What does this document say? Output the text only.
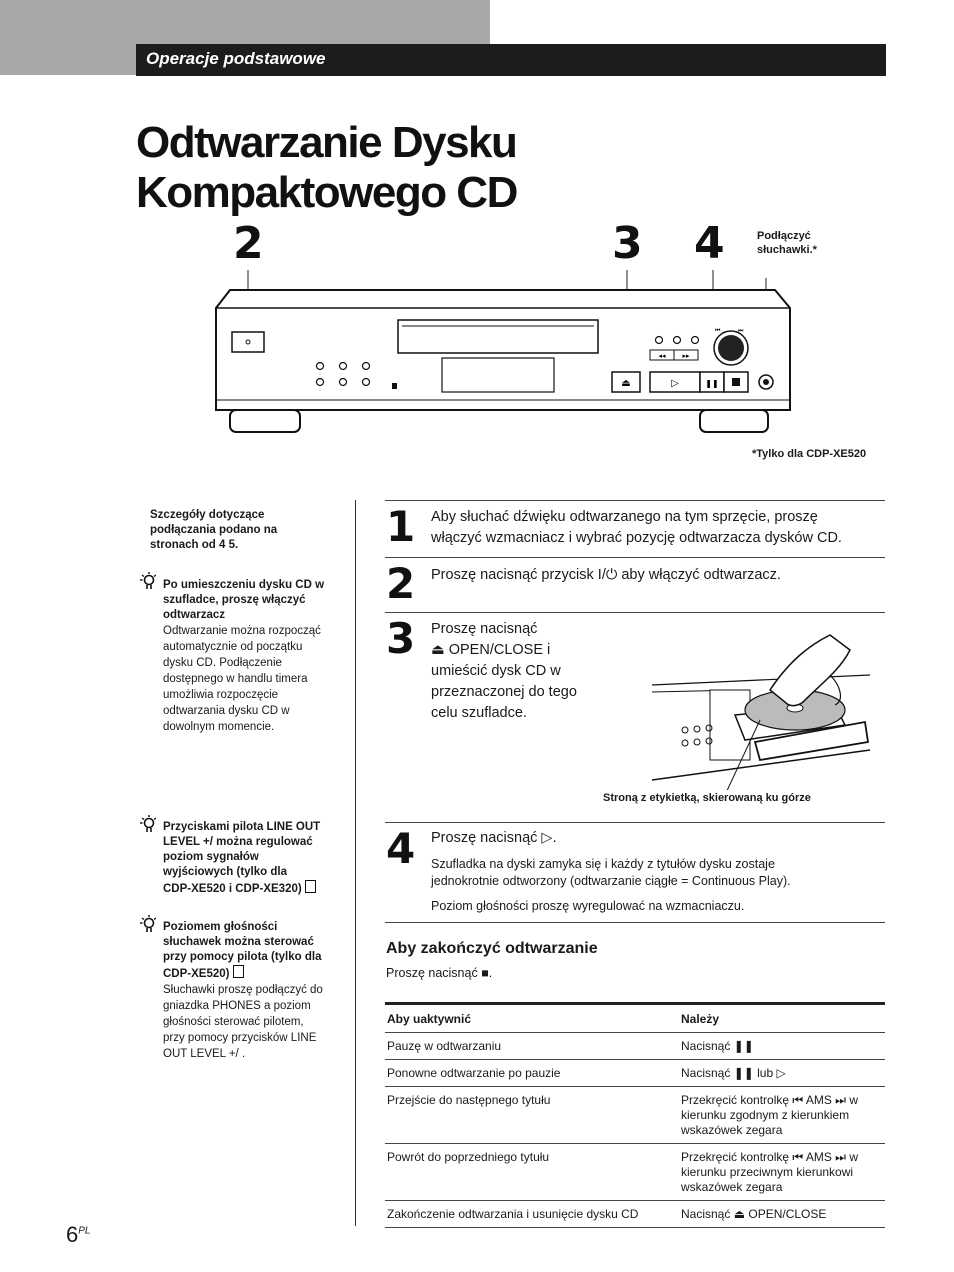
Operacje podstawowe
Odtwarzanie Dysku
Kompaktowego CD
2	3 4	Podłączyć
słuchawki.*
⏏
◂◂ ▸▸
⏮	⏭
▷	❚❚
*Tylko dla CDP-XE520
Szczegóły dotyczące
podłączania podano na
stronach od 4 5.
Po umieszczeniu dysku CD w
szufladce, proszę włączyć
odtwarzacz
Odtwarzanie można rozpocząć
automatycznie od początku
dysku CD. Podłączenie
dostępnego w handlu timera
umożliwia rozpoczęcie
odtwarzania dysku CD w
dowolnym momencie.
Przyciskami pilota LINE OUT
LEVEL +/ można regulować
poziom sygnałów
wyjściowych (tylko dla
CDP-XE520 i CDP-XE320)
Poziomem głośności
słuchawek można sterować
przy pomocy pilota (tylko dla
CDP-XE520)
Słuchawki proszę podłączyć do
gniazdka PHONES a poziom
głośności sterować pilotem,
przy pomocy przycisków LINE
OUT LEVEL +/ .
1 Aby słuchać dźwięku odtwarzanego na tym sprzęcie, proszę
włączyć wzmacniacz i wybrać pozycję odtwarzacza dysków CD.
2 Proszę nacisnąć przycisk I/⏻ aby włączyć odtwarzacz.
3 Proszę nacisnąć
⏏ OPEN/CLOSE i
umieścić dysk CD w
przeznaczonej do tego
celu szufladce.
Stroną z etykietką, skierowaną ku górze
4 Proszę nacisnąć ▷.
Szufladka na dyski zamyka się i każdy z tytułów dysku zostaje
jednokrotnie odtworzony (odtwarzanie ciągłe = Continuous Play).
Poziom głośności proszę wyregulować na wzmacniaczu.
Aby zakończyć odtwarzanie
Proszę nacisnąć ■.
Aby uaktywnić	Należy
Pauzę w odtwarzaniu	Nacisnąć ❚❚
Ponowne odtwarzanie po pauzie	Nacisnąć ❚❚ lub ▷
Przejście do następnego tytułu	Przekręcić kontrolkę ⏮ AMS ⏭ w kierunku zgodnym z kierunkiem wskazówek zegara
Powrót do poprzedniego tytułu	Przekręcić kontrolkę ⏮ AMS ⏭ w kierunku przeciwnym kierunkowi wskazówek zegara
Zakończenie odtwarzania i usunięcie dysku CD	Nacisnąć ⏏ OPEN/CLOSE
$6^{PL}$
